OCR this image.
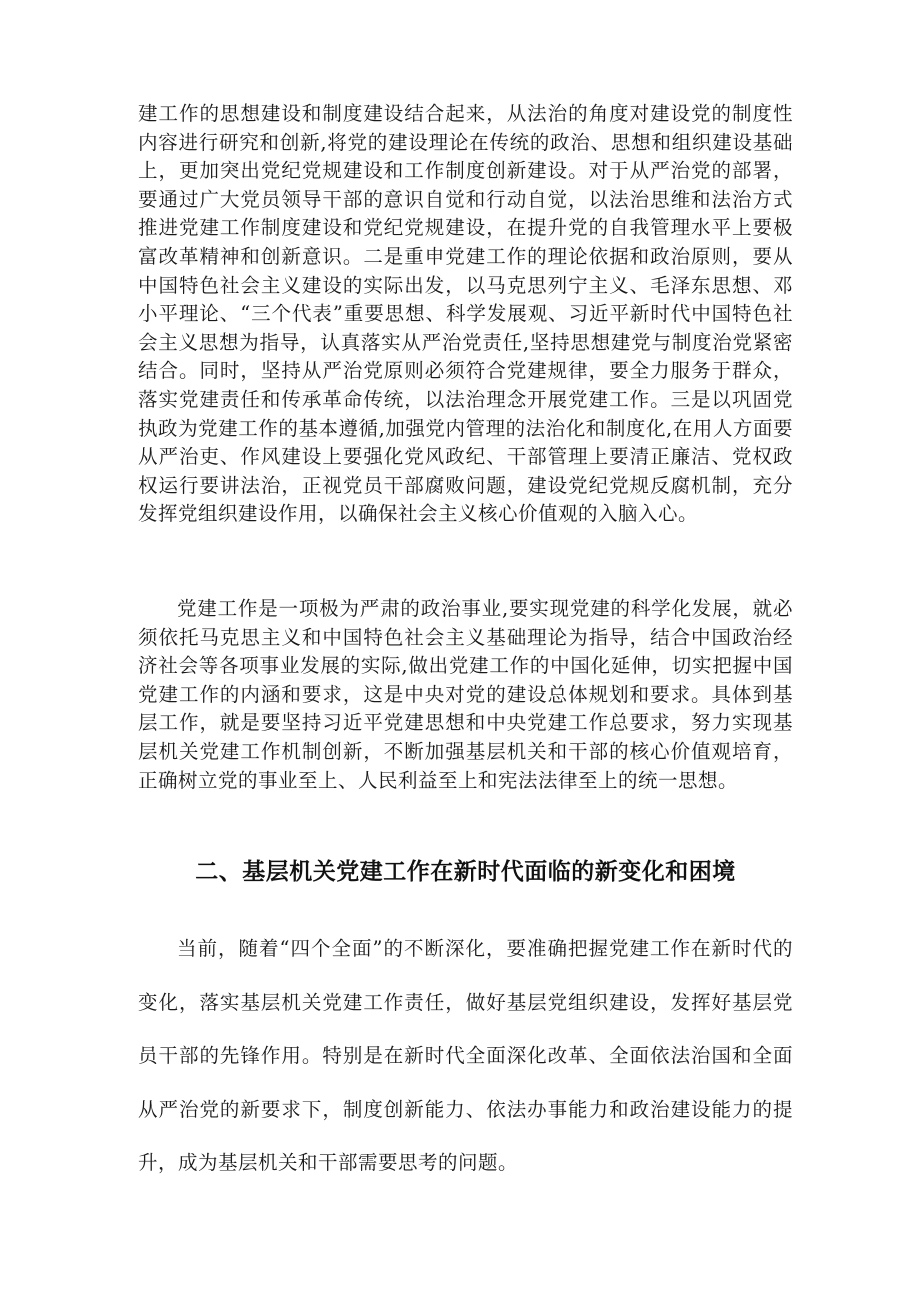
建工作的思想建设和制度建设结合起来，从法治的角度对建设党的制度性内容进行研究和创新,将党的建设理论在传统的政治、思想和组织建设基础上，更加突出党纪党规建设和工作制度创新建设。对于从严治党的部署，要通过广大党员领导干部的意识自觉和行动自觉，以法治思维和法治方式推进党建工作制度建设和党纪党规建设，在提升党的自我管理水平上要极富改革精神和创新意识。二是重申党建工作的理论依据和政治原则，要从中国特色社会主义建设的实际出发，以马克思列宁主义、毛泽东思想、邓小平理论、“三个代表”重要思想、科学发展观、习近平新时代中国特色社会主义思想为指导，认真落实从严治党责任,坚持思想建党与制度治党紧密结合。同时，坚持从严治党原则必须符合党建规律，要全力服务于群众，落实党建责任和传承革命传统，以法治理念开展党建工作。三是以巩固党执政为党建工作的基本遵循,加强党内管理的法治化和制度化,在用人方面要从严治吏、作风建设上要强化党风政纪、干部管理上要清正廉洁、党权政权运行要讲法治，正视党员干部腐败问题，建设党纪党规反腐机制，充分发挥党组织建设作用，以确保社会主义核心价值观的入脑入心。

党建工作是一项极为严肃的政治事业,要实现党建的科学化发展，就必须依托马克思主义和中国特色社会主义基础理论为指导，结合中国政治经济社会等各项事业发展的实际,做出党建工作的中国化延伸，切实把握中国党建工作的内涵和要求，这是中央对党的建设总体规划和要求。具体到基层工作，就是要坚持习近平党建思想和中央党建工作总要求，努力实现基层机关党建工作机制创新，不断加强基层机关和干部的核心价值观培育，正确树立党的事业至上、人民利益至上和宪法法律至上的统一思想。

二、基层机关党建工作在新时代面临的新变化和困境

当前，随着“四个全面”的不断深化，要准确把握党建工作在新时代的变化，落实基层机关党建工作责任，做好基层党组织建设，发挥好基层党员干部的先锋作用。特别是在新时代全面深化改革、全面依法治国和全面从严治党的新要求下，制度创新能力、依法办事能力和政治建设能力的提升，成为基层机关和干部需要思考的问题。
